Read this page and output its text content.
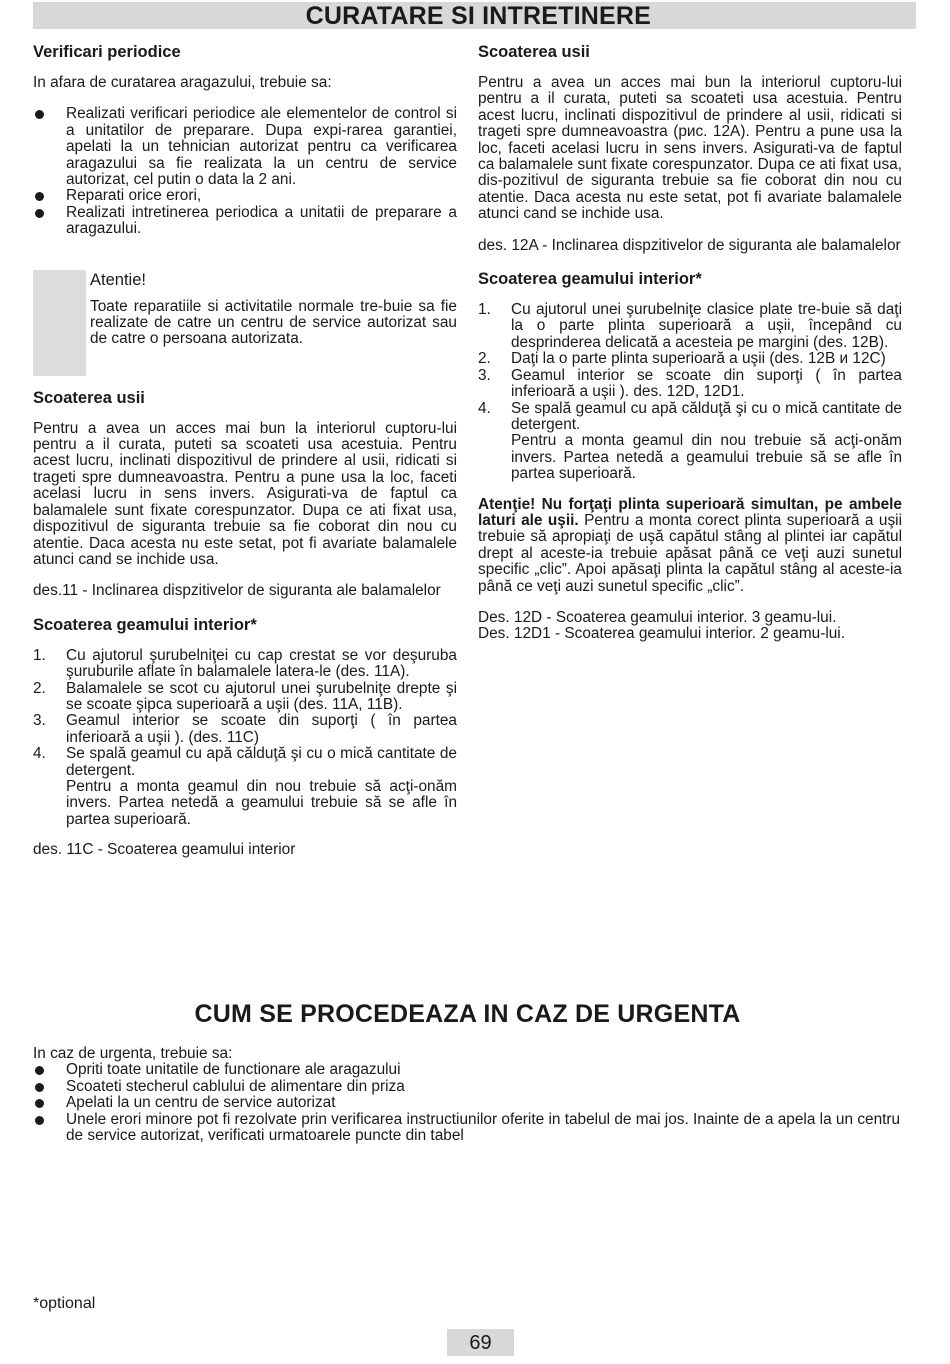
CURATARE SI INTRETINERE
Verificari periodice
In afara de curatarea aragazului, trebuie sa:
Realizati verificari periodice ale elementelor de control si a unitatilor de preparare. Dupa expi-rarea garantiei, apelati la un tehnician autorizat pentru ca verificarea aragazului sa fie realizata la un centru de service autorizat, cel putin o data la 2 ani.
Reparati orice erori,
Realizati intretinerea periodica a unitatii de preparare a aragazului.
Atentie!
Toate reparatiile si activitatile normale tre-buie sa fie realizate de catre un centru de service autorizat sau de catre o persoana autorizata.
Scoaterea usii
Pentru a avea un acces mai bun la interiorul cuptoru-lui pentru a il curata, puteti sa scoateti usa acestuia. Pentru acest lucru, inclinati dispozitivul de prindere al usii, ridicati si trageti spre dumneavoastra. Pentru a pune usa la loc, faceti acelasi lucru in sens invers. Asigurati-va de faptul ca balamalele sunt fixate corespunzator. Dupa ce ati fixat usa, dispozitivul de siguranta trebuie sa fie coborat din nou cu atentie. Daca acesta nu este setat, pot fi avariate balamalele atunci cand se inchide usa.
des.11 - Inclinarea dispzitivelor de siguranta ale balamalelor
Scoaterea geamului interior*
1. Cu ajutorul şurubelniţei cu cap crestat se vor deşuruba şuruburile aflate în balamalele latera-le (des. 11A).
2. Balamalele se scot cu ajutorul unei şurubelniţe drepte şi se scoate şipca superioară a uşii (des. 11A, 11B).
3. Geamul interior se scoate din suporţi ( în partea inferioară a uşii ). (des. 11C)
4. Se spală geamul cu apă călduţă şi cu o mică cantitate de detergent.
Pentru a monta geamul din nou trebuie să acţi-onăm invers. Partea netedă a geamului trebuie să se afle în partea superioară.
des. 11C - Scoaterea geamului interior
Scoaterea usii
Pentru a avea un acces mai bun la interiorul cuptoru-lui pentru a il curata, puteti sa scoateti usa acestuia. Pentru acest lucru, inclinati dispozitivul de prindere al usii, ridicati si trageti spre dumneavoastra (рис. 12A). Pentru a pune usa la loc, faceti acelasi lucru in sens invers. Asigurati-va de faptul ca balamalele sunt fixate corespunzator. Dupa ce ati fixat usa, dis-pozitivul de siguranta trebuie sa fie coborat din nou cu atentie. Daca acesta nu este setat, pot fi avariate balamalele atunci cand se inchide usa.
des. 12A - Inclinarea dispzitivelor de siguranta ale balamalelor
Scoaterea geamului interior*
1. Cu ajutorul unei şurubelniţe clasice plate tre-buie să daţi la o parte plinta superioară a uşii, începând cu desprinderea delicată a acesteia pe margini (des. 12B).
2. Daţi la o parte plinta superioară a uşii (des. 12B и 12C)
3. Geamul interior se scoate din suporţi ( în partea inferioară a uşii ). des. 12D, 12D1.
4. Se spală geamul cu apă călduţă şi cu o mică cantitate de detergent.
Pentru a monta geamul din nou trebuie să acţi-onăm invers. Partea netedă a geamului trebuie să se afle în partea superioară.
Atenţie! Nu forţaţi plinta superioară simultan, pe ambele laturi ale uşii. Pentru a monta corect plinta superioară a uşii trebuie să apropiaţi de uşă capătul stâng al plintei iar capătul drept al aceste-ia trebuie apăsat până ce veţi auzi sunetul specific „clic”. Apoi apăsaţi plinta la capătul stâng al aceste-ia până ce veţi auzi sunetul specific „clic”.
Des. 12D - Scoaterea geamului interior. 3 geamu-lui.
Des. 12D1 - Scoaterea geamului interior. 2 geamu-lui.
CUM SE PROCEDEAZA IN CAZ DE URGENTA
In caz de urgenta, trebuie sa:
Opriti toate unitatile de functionare ale aragazului
Scoateti stecherul cablului de alimentare din priza
Apelati la un centru de service autorizat
Unele erori minore pot fi rezolvate prin verificarea instructiunilor oferite in tabelul de mai jos. Inainte de a apela la un centru de service autorizat, verificati urmatoarele puncte din tabel
*optional
69
